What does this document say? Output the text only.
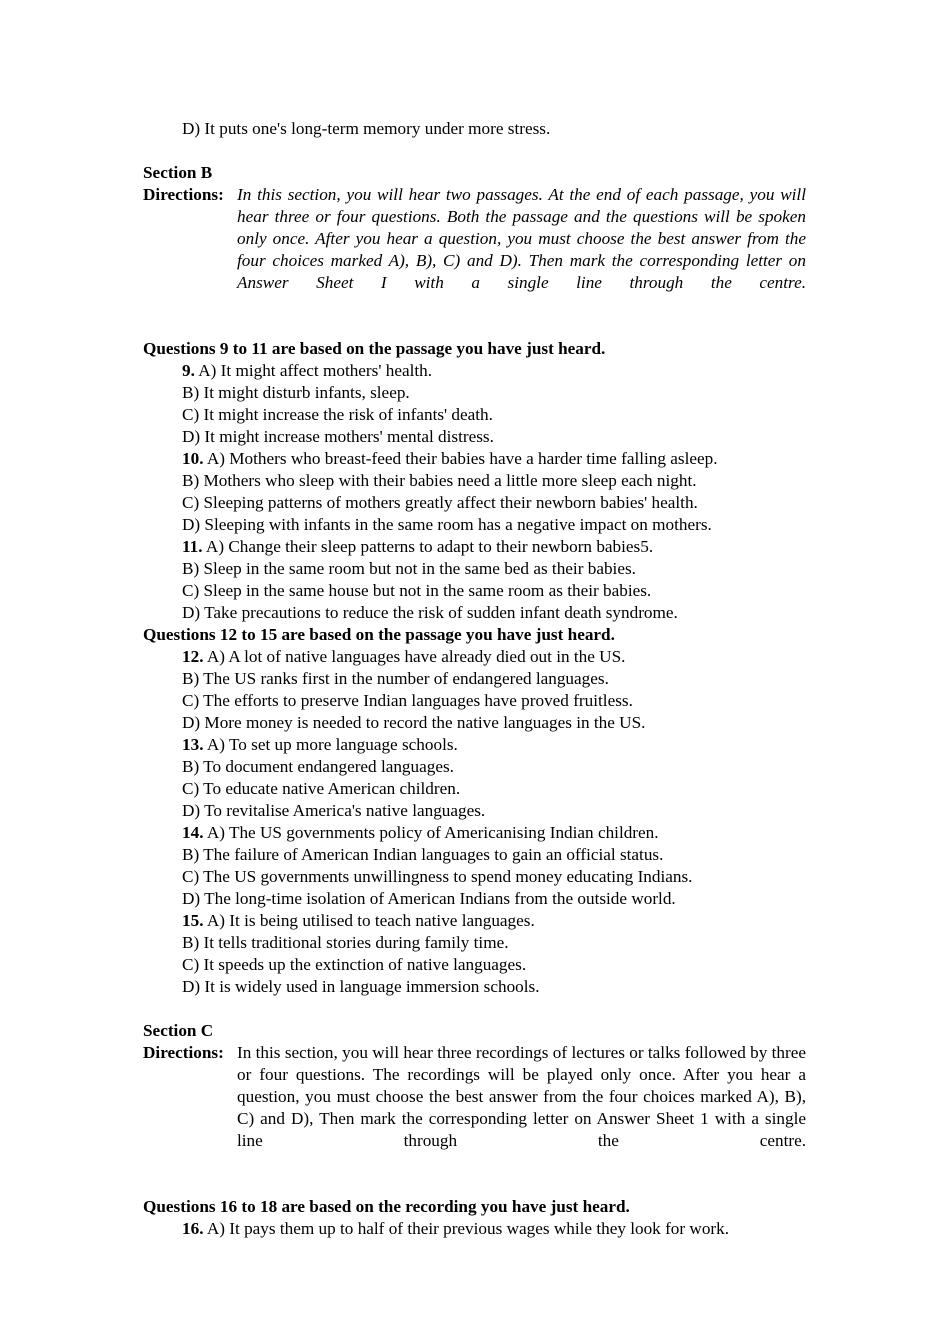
D) It puts one's long-term memory under more stress.
Section B
Directions: In this section, you will hear two passages. At the end of each passage, you will hear three or four questions. Both the passage and the questions will be spoken only once. After you hear a question, you must choose the best answer from the four choices marked A), B), C) and D). Then mark the corresponding letter on Answer Sheet I with a single line through the centre.
Questions 9 to 11 are based on the passage you have just heard.
9. A) It might affect mothers' health.
B) It might disturb infants, sleep.
C) It might increase the risk of infants' death.
D) It might increase mothers' mental distress.
10. A) Mothers who breast-feed their babies have a harder time falling asleep.
B) Mothers who sleep with their babies need a little more sleep each night.
C) Sleeping patterns of mothers greatly affect their newborn babies' health.
D) Sleeping with infants in the same room has a negative impact on mothers.
11. A) Change their sleep patterns to adapt to their newborn babies5.
B) Sleep in the same room but not in the same bed as their babies.
C) Sleep in the same house but not in the same room as their babies.
D) Take precautions to reduce the risk of sudden infant death syndrome.
Questions 12 to 15 are based on the passage you have just heard.
12. A) A lot of native languages have already died out in the US.
B) The US ranks first in the number of endangered languages.
C) The efforts to preserve Indian languages have proved fruitless.
D) More money is needed to record the native languages in the US.
13. A) To set up more language schools.
B) To document endangered languages.
C) To educate native American children.
D) To revitalise America's native languages.
14. A) The US governments policy of Americanising Indian children.
B) The failure of American Indian languages to gain an official status.
C) The US governments unwillingness to spend money educating Indians.
D) The long-time isolation of American Indians from the outside world.
15. A) It is being utilised to teach native languages.
B) It tells traditional stories during family time.
C) It speeds up the extinction of native languages.
D) It is widely used in language immersion schools.
Section C
Directions: In this section, you will hear three recordings of lectures or talks followed by three or four questions. The recordings will be played only once. After you hear a question, you must choose the best answer from the four choices marked A), B), C) and D), Then mark the corresponding letter on Answer Sheet 1 with a single line through the centre.
Questions 16 to 18 are based on the recording you have just heard.
16. A) It pays them up to half of their previous wages while they look for work.
